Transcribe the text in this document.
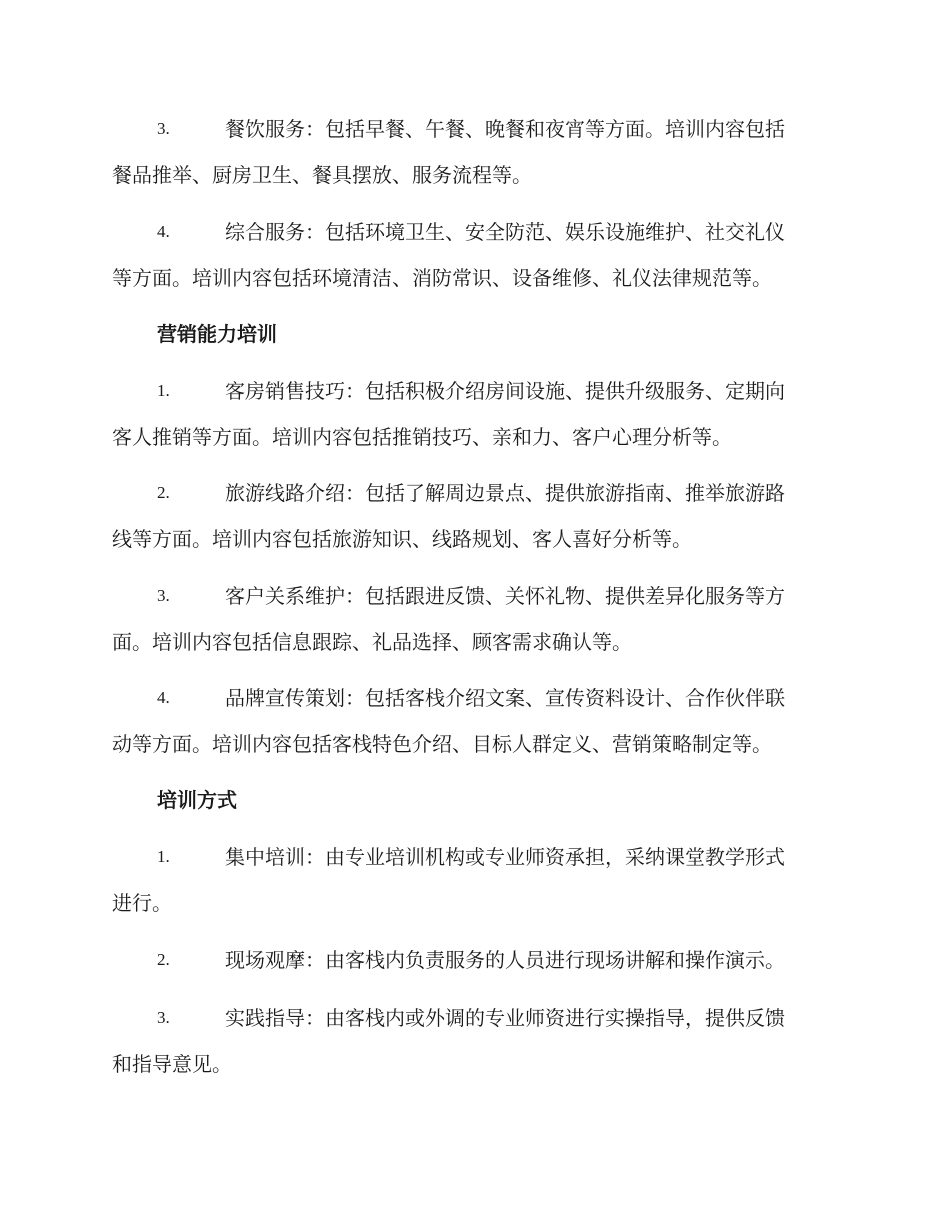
3.	餐饮服务：包括早餐、午餐、晚餐和夜宵等方面。培训内容包括
餐品推举、厨房卫生、餐具摆放、服务流程等。
4.	综合服务：包括环境卫生、安全防范、娱乐设施维护、社交礼仪
等方面。培训内容包括环境清洁、消防常识、设备维修、礼仪法律规范等。
营销能力培训
1.	客房销售技巧：包括积极介绍房间设施、提供升级服务、定期向
客人推销等方面。培训内容包括推销技巧、亲和力、客户心理分析等。
2.	旅游线路介绍：包括了解周边景点、提供旅游指南、推举旅游路
线等方面。培训内容包括旅游知识、线路规划、客人喜好分析等。
3.	客户关系维护：包括跟进反馈、关怀礼物、提供差异化服务等方
面。培训内容包括信息跟踪、礼品选择、顾客需求确认等。
4.	品牌宣传策划：包括客栈介绍文案、宣传资料设计、合作伙伴联
动等方面。培训内容包括客栈特色介绍、目标人群定义、营销策略制定等。
培训方式
1.	集中培训：由专业培训机构或专业师资承担，采纳课堂教学形式
进行。
2.	现场观摩：由客栈内负责服务的人员进行现场讲解和操作演示。
3.	实践指导：由客栈内或外调的专业师资进行实操指导，提供反馈
和指导意见。
